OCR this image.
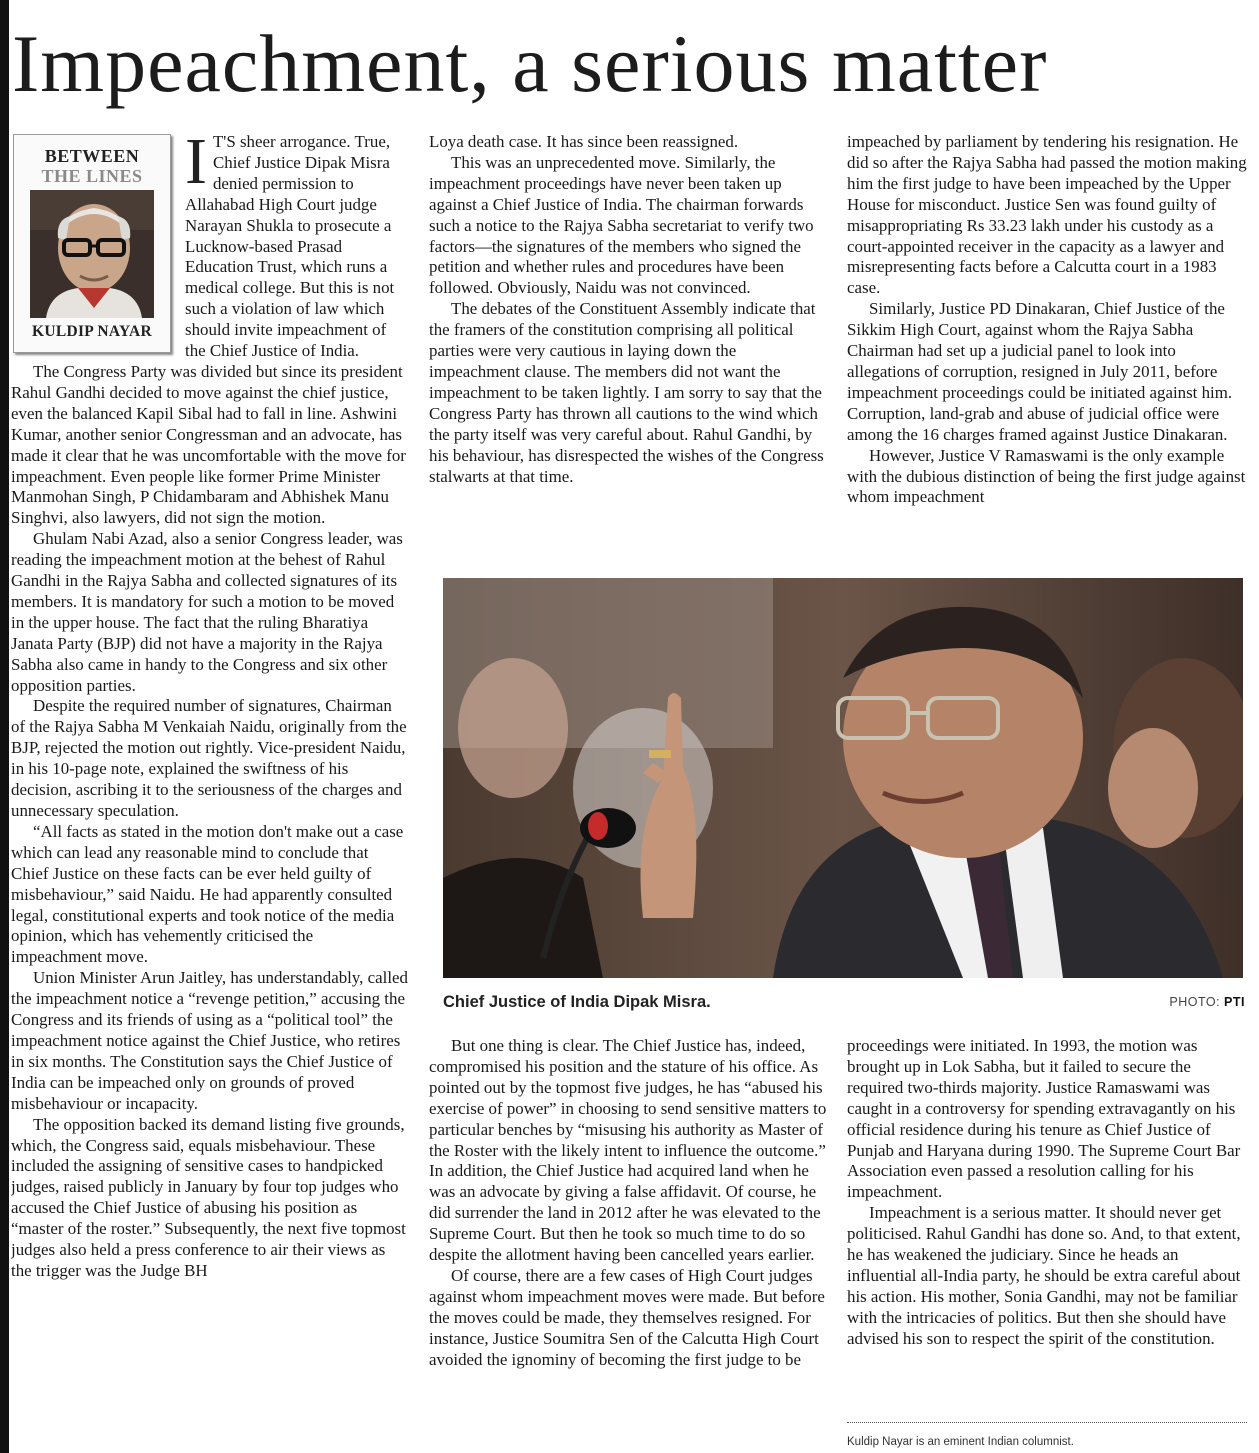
Impeachment, a serious matter
BETWEEN
THE LINES
KULDIP NAYAR
I T'S sheer arrogance. True, Chief Justice Dipak Misra denied permission to Allahabad High Court judge Narayan Shukla to prosecute a Lucknow-based Prasad Education Trust, which runs a medical college. But this is not such a violation of law which should invite impeachment of the Chief Justice of India.

The Congress Party was divided but since its president Rahul Gandhi decided to move against the chief justice, even the balanced Kapil Sibal had to fall in line. Ashwini Kumar, another senior Congressman and an advocate, has made it clear that he was uncomfortable with the move for impeachment. Even people like former Prime Minister Manmohan Singh, P Chidambaram and Abhishek Manu Singhvi, also lawyers, did not sign the motion.

Ghulam Nabi Azad, also a senior Congress leader, was reading the impeachment motion at the behest of Rahul Gandhi in the Rajya Sabha and collected signatures of its members. It is mandatory for such a motion to be moved in the upper house. The fact that the ruling Bharatiya Janata Party (BJP) did not have a majority in the Rajya Sabha also came in handy to the Congress and six other opposition parties.

Despite the required number of signatures, Chairman of the Rajya Sabha M Venkaiah Naidu, originally from the BJP, rejected the motion out rightly. Vice-president Naidu, in his 10-page note, explained the swiftness of his decision, ascribing it to the seriousness of the charges and unnecessary speculation.

“All facts as stated in the motion don't make out a case which can lead any reasonable mind to conclude that Chief Justice on these facts can be ever held guilty of misbehaviour,” said Naidu. He had apparently consulted legal, constitutional experts and took notice of the media opinion, which has vehemently criticised the impeachment move.

Union Minister Arun Jaitley, has understandably, called the impeachment notice a “revenge petition,” accusing the Congress and its friends of using as a “political tool” the impeachment notice against the Chief Justice, who retires in six months. The Constitution says the Chief Justice of India can be impeached only on grounds of proved misbehaviour or incapacity.

The opposition backed its demand listing five grounds, which, the Congress said, equals misbehaviour. These included the assigning of sensitive cases to handpicked judges, raised publicly in January by four top judges who accused the Chief Justice of abusing his position as “master of the roster.” Subsequently, the next five topmost judges also held a press conference to air their views as the trigger was the Judge BH

Loya death case. It has since been reassigned.

This was an unprecedented move. Similarly, the impeachment proceedings have never been taken up against a Chief Justice of India. The chairman forwards such a notice to the Rajya Sabha secretariat to verify two factors—the signatures of the members who signed the petition and whether rules and procedures have been followed. Obviously, Naidu was not convinced.

The debates of the Constituent Assembly indicate that the framers of the constitution comprising all political parties were very cautious in laying down the impeachment clause. The members did not want the impeachment to be taken lightly. I am sorry to say that the Congress Party has thrown all cautions to the wind which the party itself was very careful about. Rahul Gandhi, by his behaviour, has disrespected the wishes of the Congress stalwarts at that time.

impeached by parliament by tendering his resignation. He did so after the Rajya Sabha had passed the motion making him the first judge to have been impeached by the Upper House for misconduct. Justice Sen was found guilty of misappropriating Rs 33.23 lakh under his custody as a court-appointed receiver in the capacity as a lawyer and misrepresenting facts before a Calcutta court in a 1983 case.

Similarly, Justice PD Dinakaran, Chief Justice of the Sikkim High Court, against whom the Rajya Sabha Chairman had set up a judicial panel to look into allegations of corruption, resigned in July 2011, before impeachment proceedings could be initiated against him. Corruption, land-grab and abuse of judicial office were among the 16 charges framed against Justice Dinakaran.

However, Justice V Ramaswami is the only example with the dubious distinction of being the first judge against whom impeachment

Chief Justice of India Dipak Misra.	PHOTO: PTI

But one thing is clear. The Chief Justice has, indeed, compromised his position and the stature of his office. As pointed out by the topmost five judges, he has “abused his exercise of power” in choosing to send sensitive matters to particular benches by “misusing his authority as Master of the Roster with the likely intent to influence the outcome.” In addition, the Chief Justice had acquired land when he was an advocate by giving a false affidavit. Of course, he did surrender the land in 2012 after he was elevated to the Supreme Court. But then he took so much time to do so despite the allotment having been cancelled years earlier.

Of course, there are a few cases of High Court judges against whom impeachment moves were made. But before the moves could be made, they themselves resigned. For instance, Justice Soumitra Sen of the Calcutta High Court avoided the ignominy of becoming the first judge to be

proceedings were initiated. In 1993, the motion was brought up in Lok Sabha, but it failed to secure the required two-thirds majority. Justice Ramaswami was caught in a controversy for spending extravagantly on his official residence during his tenure as Chief Justice of Punjab and Haryana during 1990. The Supreme Court Bar Association even passed a resolution calling for his impeachment.

Impeachment is a serious matter. It should never get politicised. Rahul Gandhi has done so. And, to that extent, he has weakened the judiciary. Since he heads an influential all-India party, he should be extra careful about his action. His mother, Sonia Gandhi, may not be familiar with the intricacies of politics. But then she should have advised his son to respect the spirit of the constitution.

Kuldip Nayar is an eminent Indian columnist.
